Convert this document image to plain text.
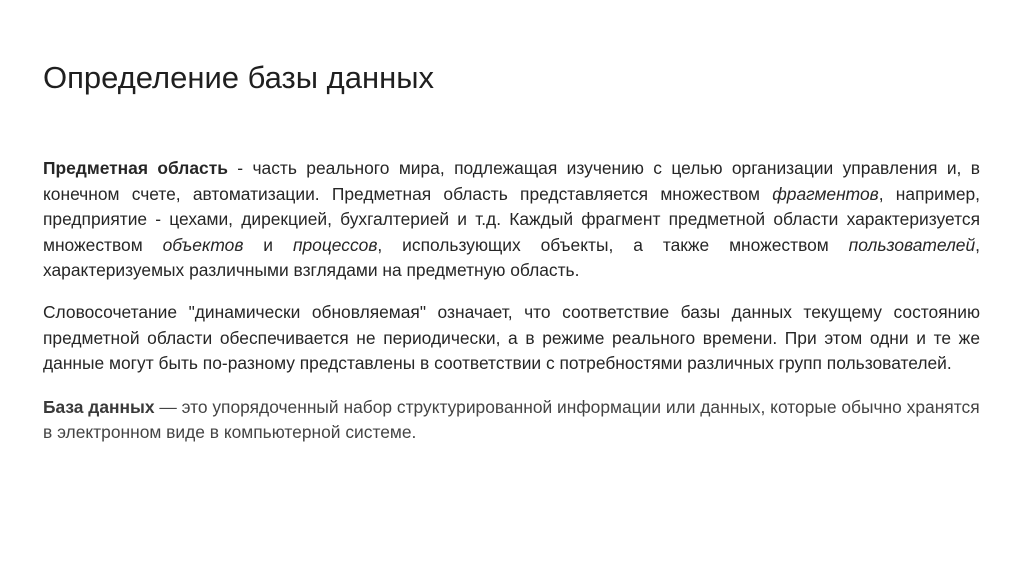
Определение базы данных

Предметная область - часть реального мира, подлежащая изучению с целью организации управления и, в конечном счете, автоматизации. Предметная область представляется множеством фрагментов, например, предприятие - цехами, дирекцией, бухгалтерией и т.д. Каждый фрагмент предметной области характеризуется множеством объектов и процессов, использующих объекты, а также множеством пользователей, характеризуемых различными взглядами на предметную область.

Словосочетание "динамически обновляемая" означает, что соответствие базы данных текущему состоянию предметной области обеспечивается не периодически, а в режиме реального времени. При этом одни и те же данные могут быть по-разному представлены в соответствии с потребностями различных групп пользователей.

База данных — это упорядоченный набор структурированной информации или данных, которые обычно хранятся в электронном виде в компьютерной системе.
